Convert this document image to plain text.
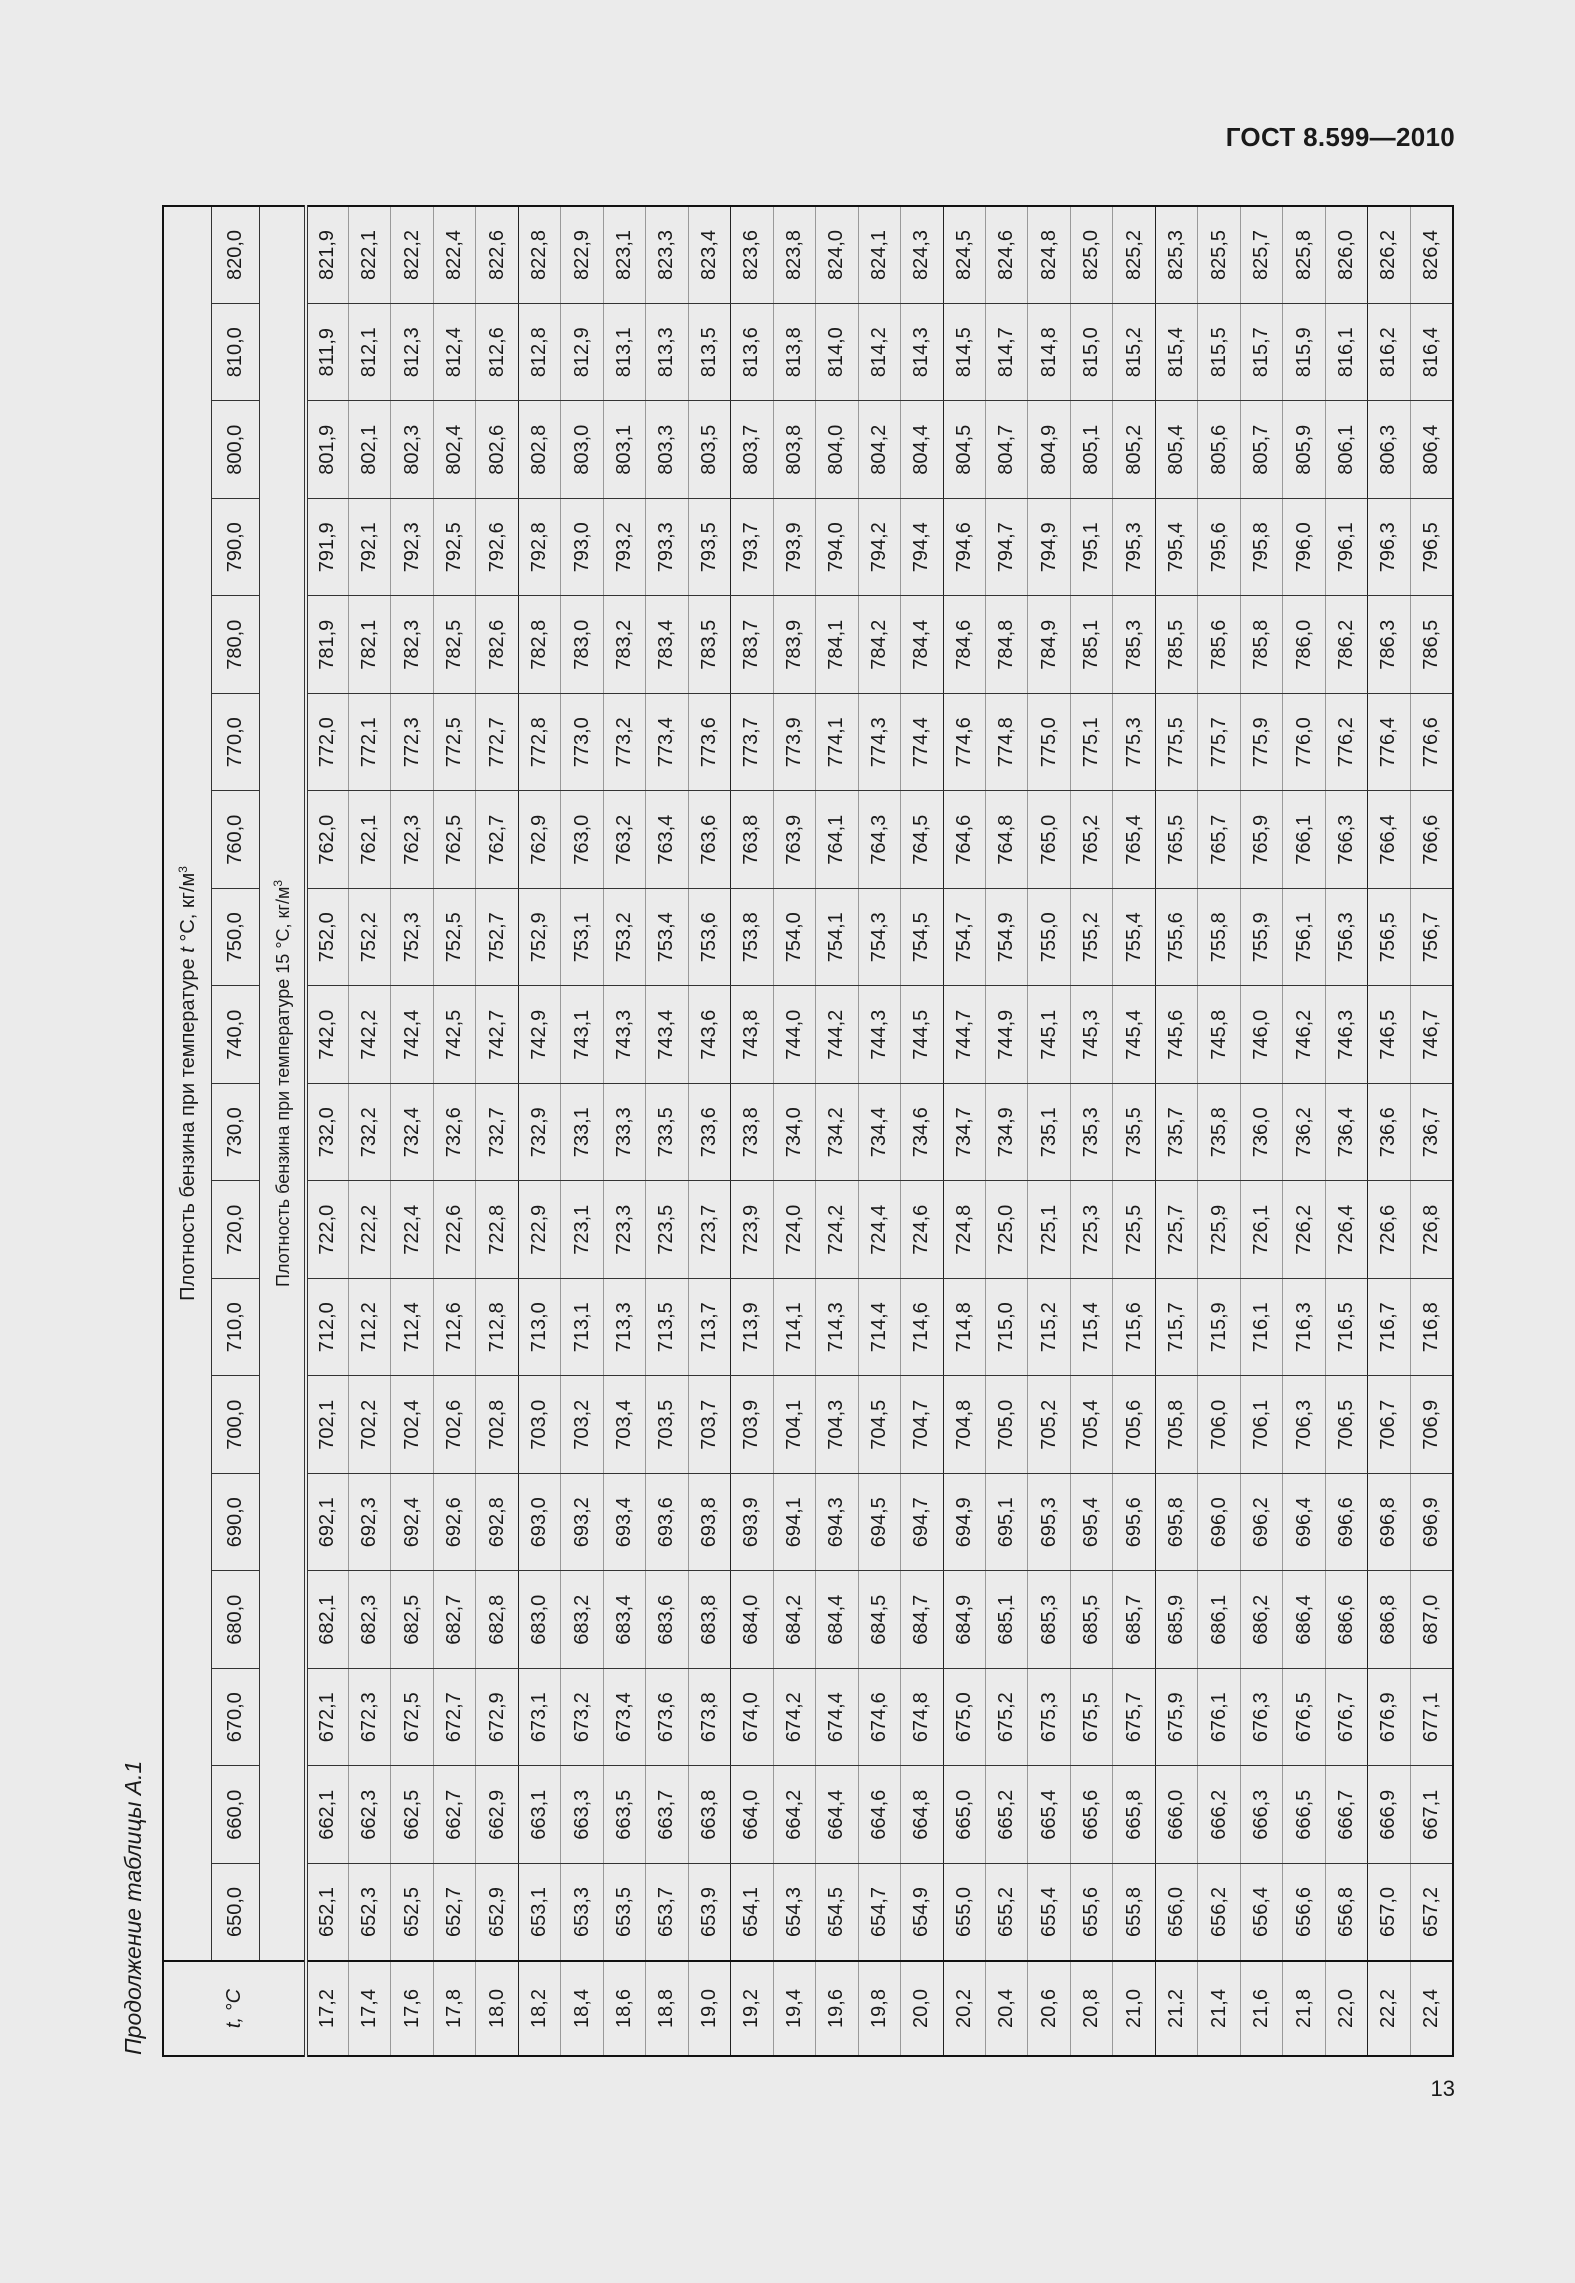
ГОСТ 8.599—2010
Продолжение таблицы А.1	t, °C	Плотность бензина при температуре t °C, $кг/м^3$
	650,0	660,0	670,0	680,0	690,0	700,0	710,0	720,0	730,0	740,0	750,0	760,0	770,0	780,0	790,0	800,0	810,0	820,0
	Плотность бензина при температуре 15 °C, $кг/м^3$
17,2	652,1	662,1	672,1	682,1	692,1	702,1	712,0	722,0	732,0	742,0	752,0	762,0	772,0	781,9	791,9	801,9	811,9	821,9
17,4	652,3	662,3	672,3	682,3	692,3	702,2	712,2	722,2	732,2	742,2	752,2	762,1	772,1	782,1	792,1	802,1	812,1	822,1
17,6	652,5	662,5	672,5	682,5	692,4	702,4	712,4	722,4	732,4	742,4	752,3	762,3	772,3	782,3	792,3	802,3	812,3	822,2
17,8	652,7	662,7	672,7	682,7	692,6	702,6	712,6	722,6	732,6	742,5	752,5	762,5	772,5	782,5	792,5	802,4	812,4	822,4
18,0	652,9	662,9	672,9	682,8	692,8	702,8	712,8	722,8	732,7	742,7	752,7	762,7	772,7	782,6	792,6	802,6	812,6	822,6
18,2	653,1	663,1	673,1	683,0	693,0	703,0	713,0	722,9	732,9	742,9	752,9	762,9	772,8	782,8	792,8	802,8	812,8	822,8
18,4	653,3	663,3	673,2	683,2	693,2	703,2	713,1	723,1	733,1	743,1	753,1	763,0	773,0	783,0	793,0	803,0	812,9	822,9
18,6	653,5	663,5	673,4	683,4	693,4	703,4	713,3	723,3	733,3	743,3	753,2	763,2	773,2	783,2	793,2	803,1	813,1	823,1
18,8	653,7	663,7	673,6	683,6	693,6	703,5	713,5	723,5	733,5	743,4	753,4	763,4	773,4	783,4	793,3	803,3	813,3	823,3
19,0	653,9	663,8	673,8	683,8	693,8	703,7	713,7	723,7	733,6	743,6	753,6	763,6	773,6	783,5	793,5	803,5	813,5	823,4
19,2	654,1	664,0	674,0	684,0	693,9	703,9	713,9	723,9	733,8	743,8	753,8	763,8	773,7	783,7	793,7	803,7	813,6	823,6
19,4	654,3	664,2	674,2	684,2	694,1	704,1	714,1	724,0	734,0	744,0	754,0	763,9	773,9	783,9	793,9	803,8	813,8	823,8
19,6	654,5	664,4	674,4	684,4	694,3	704,3	714,3	724,2	734,2	744,2	754,1	764,1	774,1	784,1	794,0	804,0	814,0	824,0
19,8	654,7	664,6	674,6	684,5	694,5	704,5	714,4	724,4	734,4	744,3	754,3	764,3	774,3	784,2	794,2	804,2	814,2	824,1
20,0	654,9	664,8	674,8	684,7	694,7	704,7	714,6	724,6	734,6	744,5	754,5	764,5	774,4	784,4	794,4	804,4	814,3	824,3
20,2	655,0	665,0	675,0	684,9	694,9	704,8	714,8	724,8	734,7	744,7	754,7	764,6	774,6	784,6	794,6	804,5	814,5	824,5
20,4	655,2	665,2	675,2	685,1	695,1	705,0	715,0	725,0	734,9	744,9	754,9	764,8	774,8	784,8	794,7	804,7	814,7	824,6
20,6	655,4	665,4	675,3	685,3	695,3	705,2	715,2	725,1	735,1	745,1	755,0	765,0	775,0	784,9	794,9	804,9	814,8	824,8
20,8	655,6	665,6	675,5	685,5	695,4	705,4	715,4	725,3	735,3	745,3	755,2	765,2	775,1	785,1	795,1	805,1	815,0	825,0
21,0	655,8	665,8	675,7	685,7	695,6	705,6	715,6	725,5	735,5	745,4	755,4	765,4	775,3	785,3	795,3	805,2	815,2	825,2
21,2	656,0	666,0	675,9	685,9	695,8	705,8	715,7	725,7	735,7	745,6	755,6	765,5	775,5	785,5	795,4	805,4	815,4	825,3
21,4	656,2	666,2	676,1	686,1	696,0	706,0	715,9	725,9	735,8	745,8	755,8	765,7	775,7	785,6	795,6	805,6	815,5	825,5
21,6	656,4	666,3	676,3	686,2	696,2	706,1	716,1	726,1	736,0	746,0	755,9	765,9	775,9	785,8	795,8	805,7	815,7	825,7
21,8	656,6	666,5	676,5	686,4	696,4	706,3	716,3	726,2	736,2	746,2	756,1	766,1	776,0	786,0	796,0	805,9	815,9	825,8
22,0	656,8	666,7	676,7	686,6	696,6	706,5	716,5	726,4	736,4	746,3	756,3	766,3	776,2	786,2	796,1	806,1	816,1	826,0
22,2	657,0	666,9	676,9	686,8	696,8	706,7	716,7	726,6	736,6	746,5	756,5	766,4	776,4	786,3	796,3	806,3	816,2	826,2
22,4	657,2	667,1	677,1	687,0	696,9	706,9	716,8	726,8	736,7	746,7	756,7	766,6	776,6	786,5	796,5	806,4	816,4	826,4
13
